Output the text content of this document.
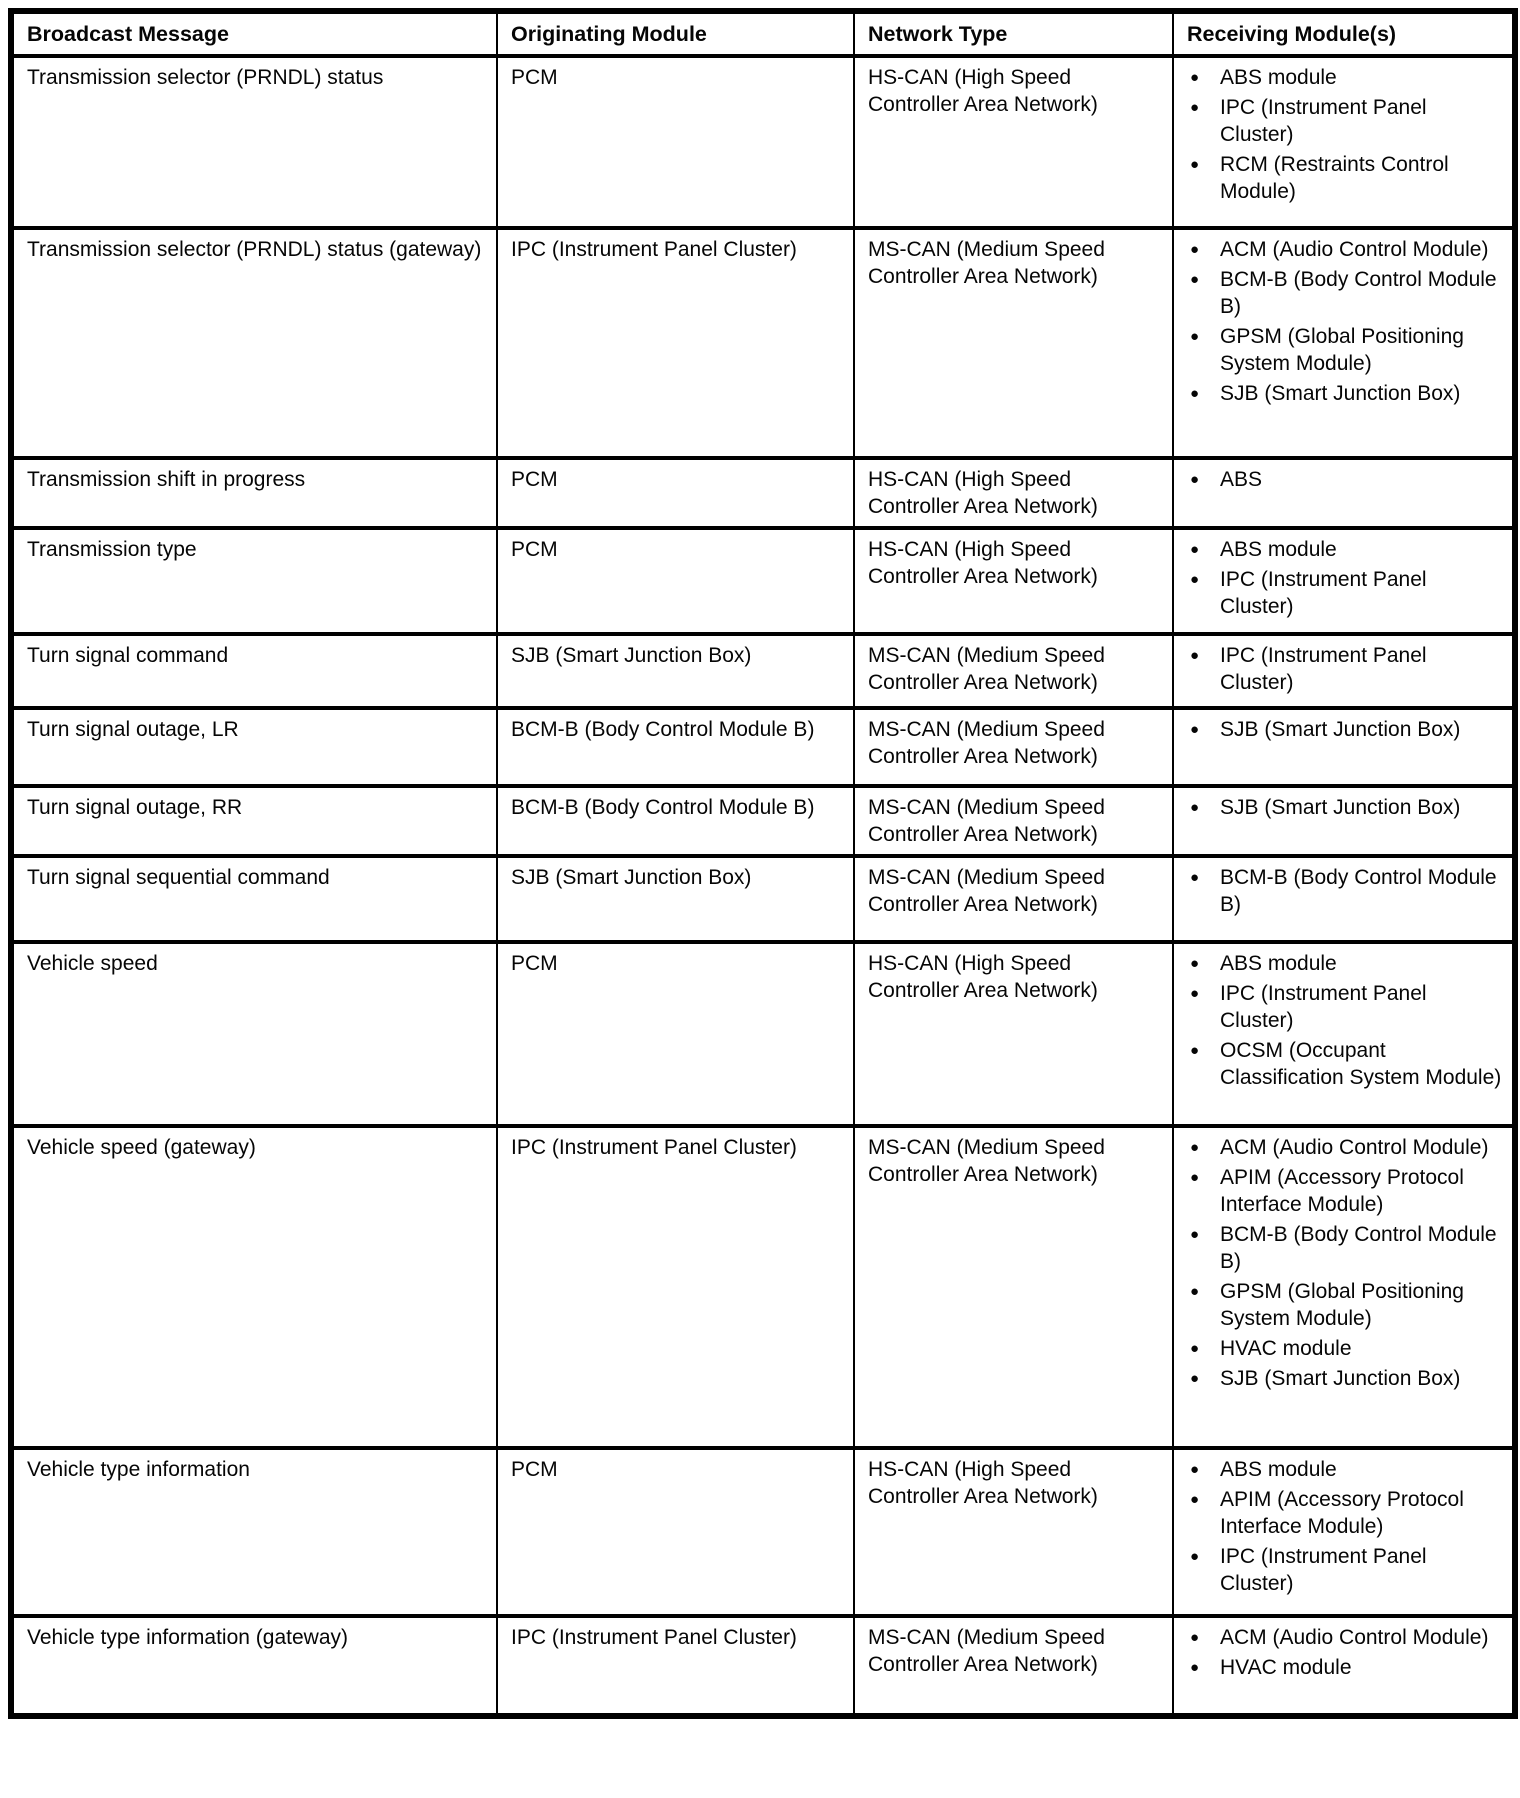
Broadcast Message	Originating Module	Network Type	Receiving Module(s)
Transmission selector (PRNDL) status	PCM	HS-CAN (High Speed Controller Area Network)	
● ABS module
● IPC (Instrument Panel Cluster)
● RCM (Restraints Control Module)

Transmission selector (PRNDL) status (gateway)	IPC (Instrument Panel Cluster)	MS-CAN (Medium Speed Controller Area Network)	
● ACM (Audio Control Module)
● BCM-B (Body Control Module B)
● GPSM (Global Positioning System Module)
● SJB (Smart Junction Box)

Transmission shift in progress	PCM	HS-CAN (High Speed Controller Area Network)	
● ABS

Transmission type	PCM	HS-CAN (High Speed Controller Area Network)	
● ABS module
● IPC (Instrument Panel Cluster)

Turn signal command	SJB (Smart Junction Box)	MS-CAN (Medium Speed Controller Area Network)	
● IPC (Instrument Panel Cluster)

Turn signal outage, LR	BCM-B (Body Control Module B)	MS-CAN (Medium Speed Controller Area Network)	
● SJB (Smart Junction Box)

Turn signal outage, RR	BCM-B (Body Control Module B)	MS-CAN (Medium Speed Controller Area Network)	
● SJB (Smart Junction Box)

Turn signal sequential command	SJB (Smart Junction Box)	MS-CAN (Medium Speed Controller Area Network)	
● BCM-B (Body Control Module B)

Vehicle speed	PCM	HS-CAN (High Speed Controller Area Network)	
● ABS module
● IPC (Instrument Panel Cluster)
● OCSM (Occupant Classification System Module)

Vehicle speed (gateway)	IPC (Instrument Panel Cluster)	MS-CAN (Medium Speed Controller Area Network)	
● ACM (Audio Control Module)
● APIM (Accessory Protocol Interface Module)
● BCM-B (Body Control Module B)
● GPSM (Global Positioning System Module)
● HVAC module
● SJB (Smart Junction Box)

Vehicle type information	PCM	HS-CAN (High Speed Controller Area Network)	
● ABS module
● APIM (Accessory Protocol Interface Module)
● IPC (Instrument Panel Cluster)

Vehicle type information (gateway)	IPC (Instrument Panel Cluster)	MS-CAN (Medium Speed Controller Area Network)	
● ACM (Audio Control Module)
● HVAC module
